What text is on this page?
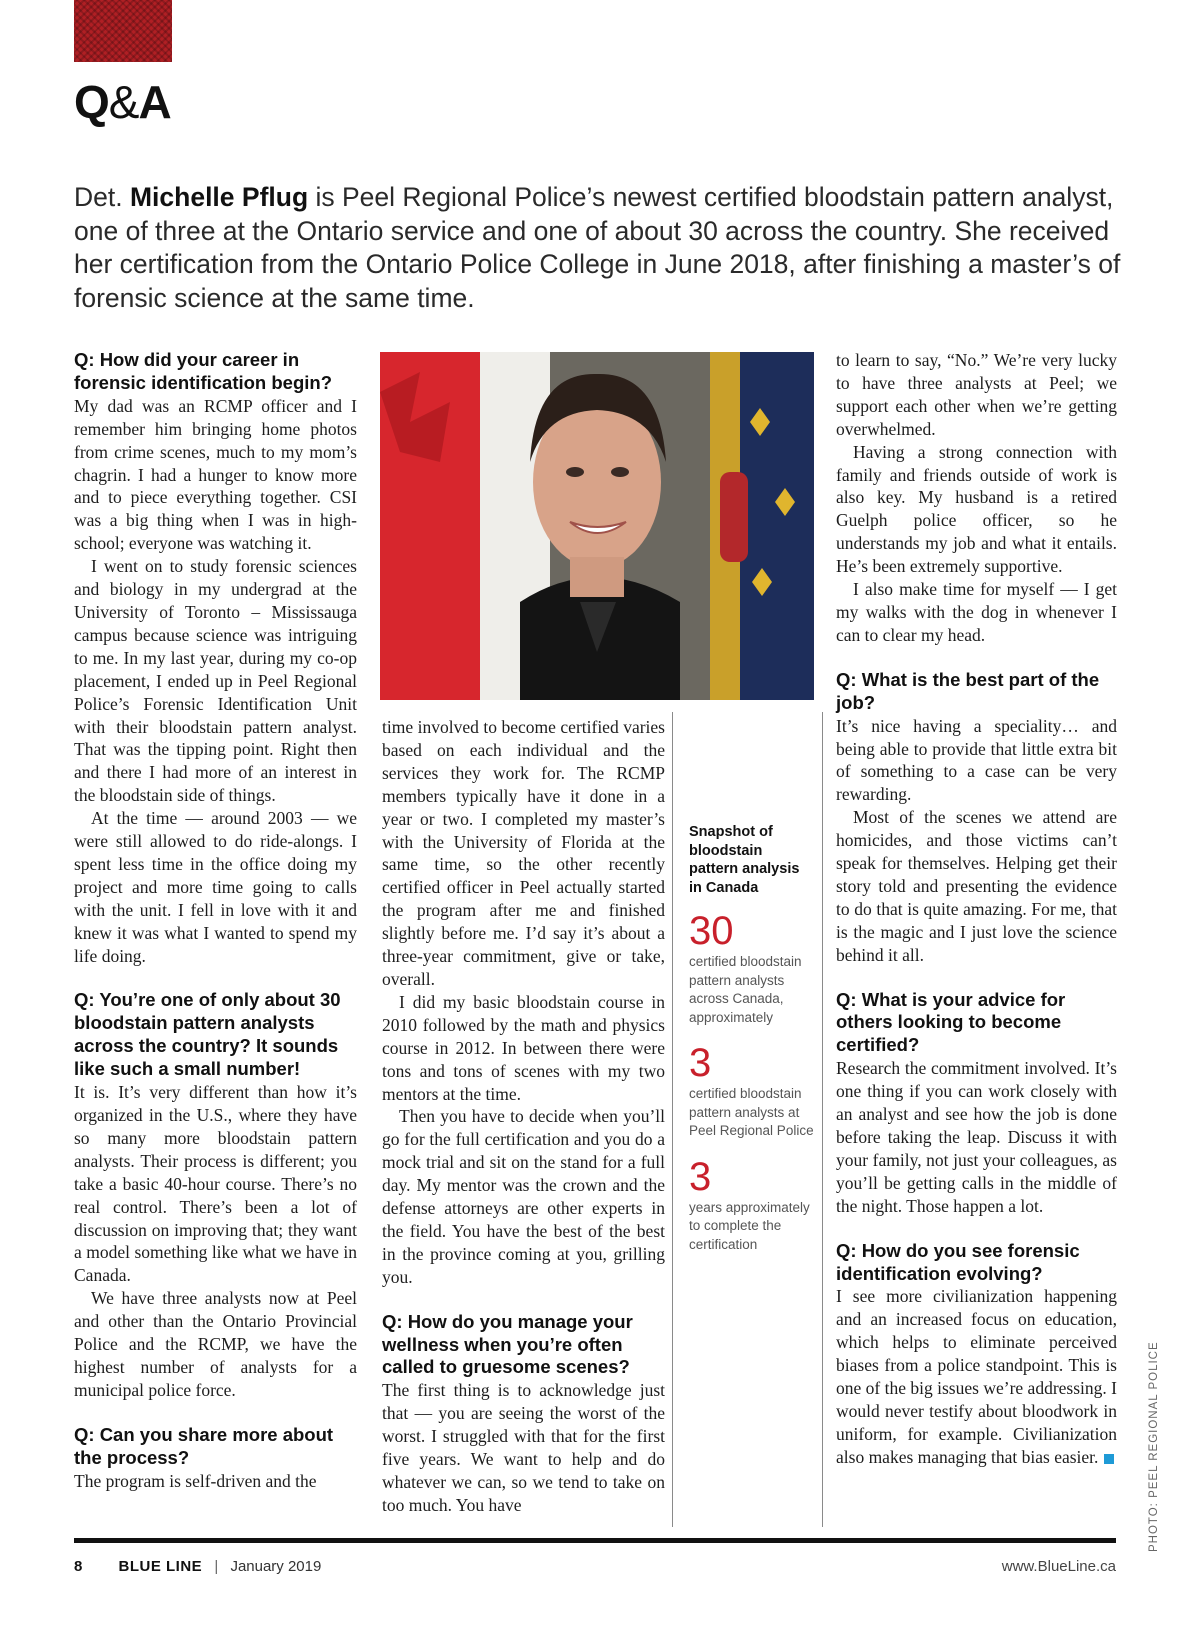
Q&A
Det. Michelle Pflug is Peel Regional Police’s newest certified bloodstain pattern analyst, one of three at the Ontario service and one of about 30 across the country. She received her certification from the Ontario Police College in June 2018, after finishing a master’s of forensic science at the same time.
Q: How did your career in forensic identification begin?

My dad was an RCMP officer and I remember him bringing home photos from crime scenes, much to my mom’s chagrin. I had a hunger to know more and to piece everything together. CSI was a big thing when I was in high-school; everyone was watching it.

I went on to study forensic sciences and biology in my undergrad at the University of Toronto – Mississauga campus because science was intriguing to me. In my last year, during my co-op placement, I ended up in Peel Regional Police’s Forensic Identification Unit with their bloodstain pattern analyst. That was the tipping point. Right then and there I had more of an interest in the bloodstain side of things.

At the time — around 2003 — we were still allowed to do ride-alongs. I spent less time in the office doing my project and more time going to calls with the unit. I fell in love with it and knew it was what I wanted to spend my life doing.

Q: You’re one of only about 30 bloodstain pattern analysts across the country? It sounds like such a small number!

It is. It’s very different than how it’s organized in the U.S., where they have so many more bloodstain pattern analysts. Their process is different; you take a basic 40-hour course. There’s no real control. There’s been a lot of discussion on improving that; they want a model something like what we have in Canada.

We have three analysts now at Peel and other than the Ontario Provincial Police and the RCMP, we have the highest number of analysts for a municipal police force.

Q: Can you share more about the process?

The program is self-driven and the

time involved to become certified varies based on each individual and the services they work for. The RCMP members typically have it done in a year or two. I completed my master’s with the University of Florida at the same time, so the other recently certified officer in Peel actually started the program after me and finished slightly before me. I’d say it’s about a three-year commitment, give or take, overall.

I did my basic bloodstain course in 2010 followed by the math and physics course in 2012. In between there were tons and tons of scenes with my two mentors at the time.

Then you have to decide when you’ll go for the full certification and you do a mock trial and sit on the stand for a full day. My mentor was the crown and the defense attorneys are other experts in the field. You have the best of the best in the province coming at you, grilling you.

Q: How do you manage your wellness when you’re often called to gruesome scenes?

The first thing is to acknowledge just that — you are seeing the worst of the worst. I struggled with that for the first five years. We want to help and do whatever we can, so we tend to take on too much. You have

Snapshot of bloodstain pattern analysis in Canada
30
certified bloodstain pattern analysts across Canada, approximately
3
certified bloodstain pattern analysts at Peel Regional Police
3
years approximately to complete the certification

to learn to say, “No.” We’re very lucky to have three analysts at Peel; we support each other when we’re getting overwhelmed.

Having a strong connection with family and friends outside of work is also key. My husband is a retired Guelph police officer, so he understands my job and what it entails. He’s been extremely supportive.

I also make time for myself — I get my walks with the dog in whenever I can to clear my head.

Q: What is the best part of the job?

It’s nice having a speciality… and being able to provide that little extra bit of something to a case can be very rewarding.

Most of the scenes we attend are homicides, and those victims can’t speak for themselves. Helping get their story told and presenting the evidence to do that is quite amazing. For me, that is the magic and I just love the science behind it all.

Q: What is your advice for others looking to become certified?

Research the commitment involved. It’s one thing if you can work closely with an analyst and see how the job is done before taking the leap. Discuss it with your family, not just your colleagues, as you’ll be getting calls in the middle of the night. Those happen a lot.

Q: How do you see forensic identification evolving?

I see more civilianization happening and an increased focus on education, which helps to eliminate perceived biases from a police standpoint. This is one of the big issues we’re addressing. I would never testify about bloodwork in uniform, for example. Civilianization also makes managing that bias easier.	PHOTO: PEEL REGIONAL POLICE
8 BLUE LINE | January 2019	www.BlueLine.ca
